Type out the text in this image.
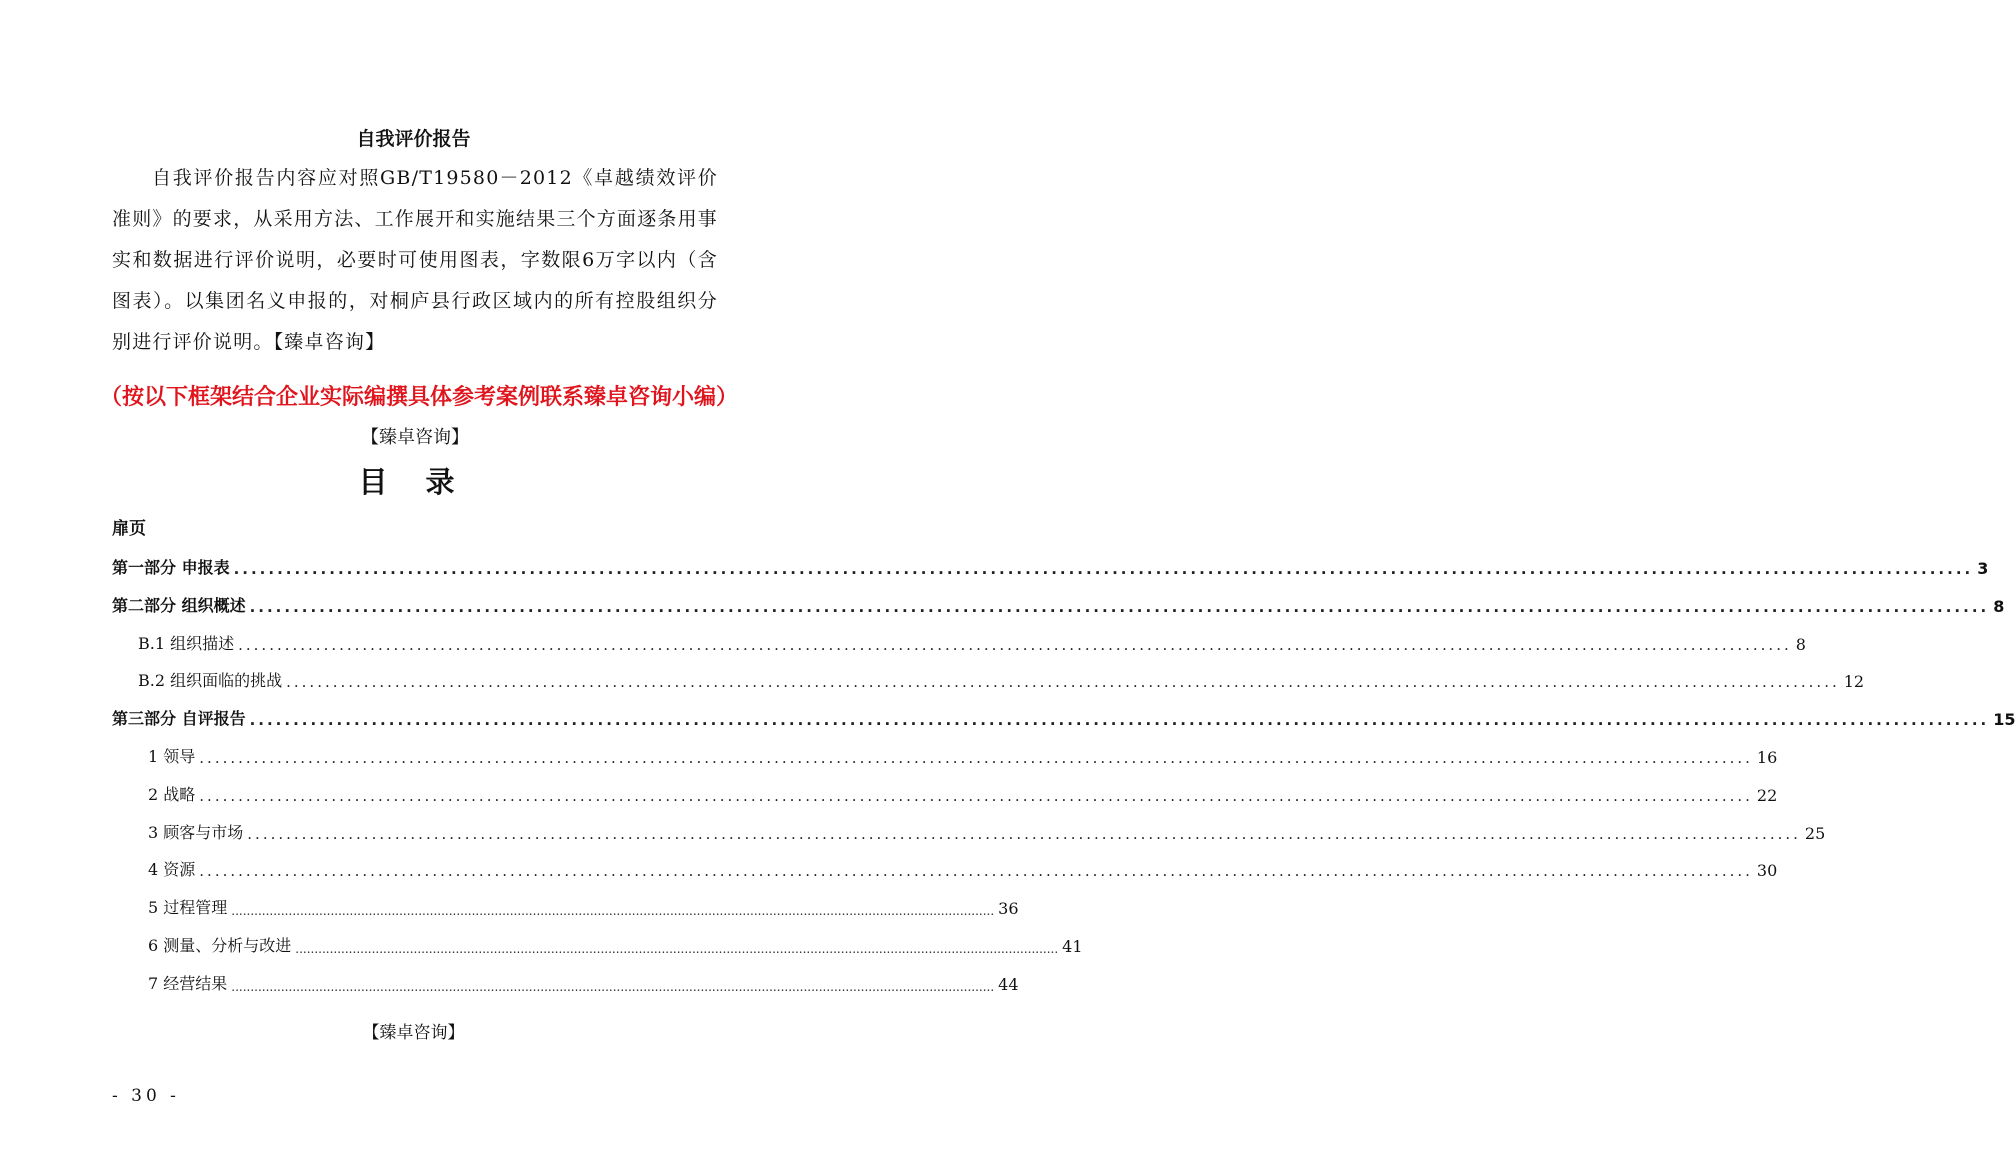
自我评价报告

自我评价报告内容应对照GB/T19580－2012《卓越绩效评价准则》的要求，从采用方法、工作展开和实施结果三个方面逐条用事实和数据进行评价说明，必要时可使用图表，字数限6万字以内（含图表）。以集团名义申报的，对桐庐县行政区域内的所有控股组织分别进行评价说明。【臻卓咨询】

（按以下框架结合企业实际编撰具体参考案例联系臻卓咨询小编）【臻卓咨询】
目 录
扉页
第一部分 申报表 ........................................................................................................................................................................................................ 3
第二部分 组织概述 ........................................................................................................................................................................................................ 8
B.1 组织描述 ........................................................................................................................................................................................................ 8
B.2 组织面临的挑战 ........................................................................................................................................................................................................ 12
第三部分 自评报告 ........................................................................................................................................................................................................ 15
1 领导 ........................................................................................................................................................................................................ 16
2 战略 ........................................................................................................................................................................................................ 22
3 顾客与市场 ........................................................................................................................................................................................................ 25
4 资源 ........................................................................................................................................................................................................ 30
5 过程管理 ........................................................................................................................................................................................................ 36
6 测量、分析与改进 ........................................................................................................................................................................................................ 41
7 经营结果 ........................................................................................................................................................................................................ 44
【臻卓咨询】
- 30 -
